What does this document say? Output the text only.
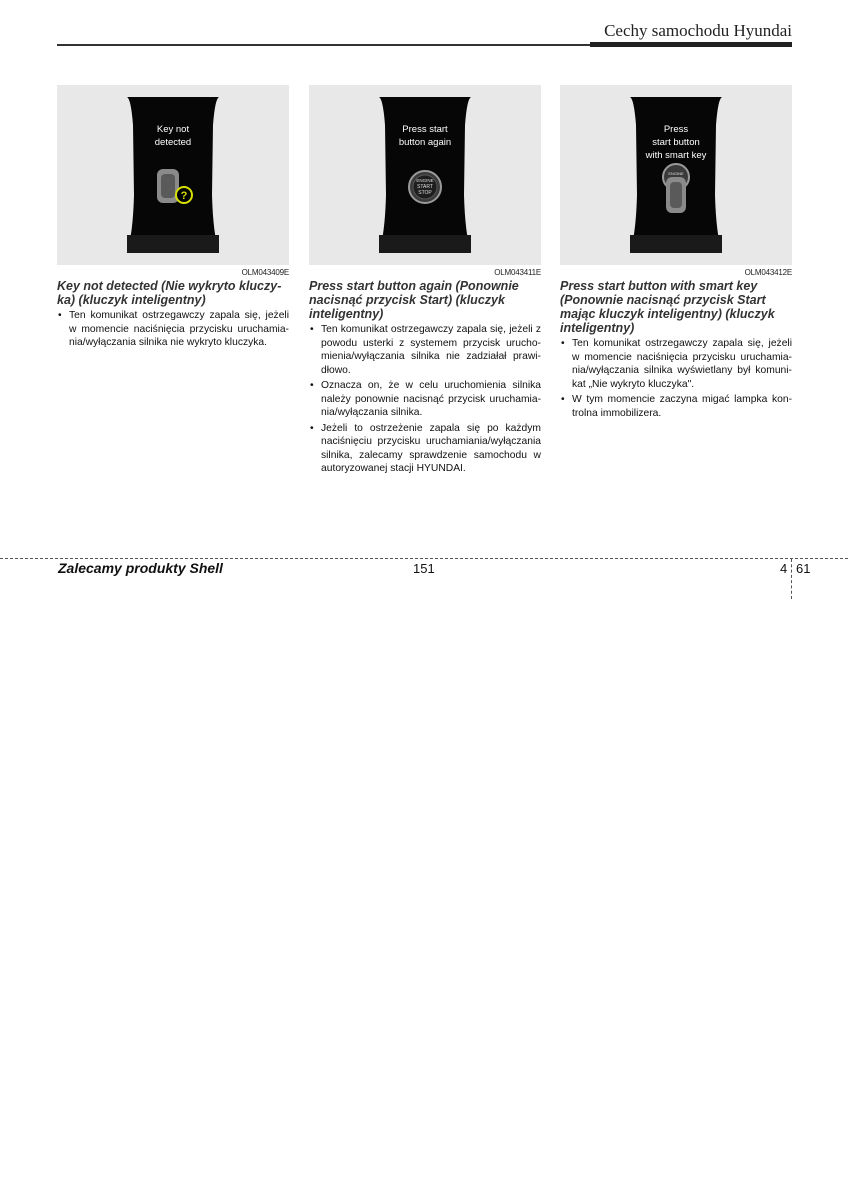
Cechy samochodu Hyundai
?
Key not
detected
OLM043409E
Key not detected (Nie wykryto kluczy-ka) (kluczyk inteligentny)
• Ten komunikat ostrzegawczy zapala się, jeżeli w momencie naciśnięcia przycisku uruchamia-nia/wyłączania silnika nie wykryto kluczyka.
ENGINE
START
STOP
Press start
button again
OLM043411E
Press start button again (Ponownie nacisnąć przycisk Start) (kluczyk inteligentny)
• Ten komunikat ostrzegawczy zapala się, jeżeli z powodu usterki z systemem przycisk urucho-mienia/wyłączania silnika nie zadziałał prawi-dłowo.
• Oznacza on, że w celu uruchomienia silnika należy ponownie nacisnąć przycisk uruchamia-nia/wyłączania silnika.
• Jeżeli to ostrzeżenie zapala się po każdym naciśnięciu przycisku uruchamiania/wyłączania silnika, zalecamy sprawdzenie samochodu w autoryzowanej stacji HYUNDAI.
ENGINE
Press
start button
with smart key
OLM043412E
Press start button with smart key (Ponownie nacisnąć przycisk Start mając kluczyk inteligentny) (kluczyk inteligentny)
• Ten komunikat ostrzegawczy zapala się, jeżeli w momencie naciśnięcia przycisku uruchamia-nia/wyłączania silnika wyświetlany był komuni-kat „Nie wykryto kluczyka".
• W tym momencie zaczyna migać lampka kon-trolna immobilizera.
Zalecamy produkty Shell	151	4 61
